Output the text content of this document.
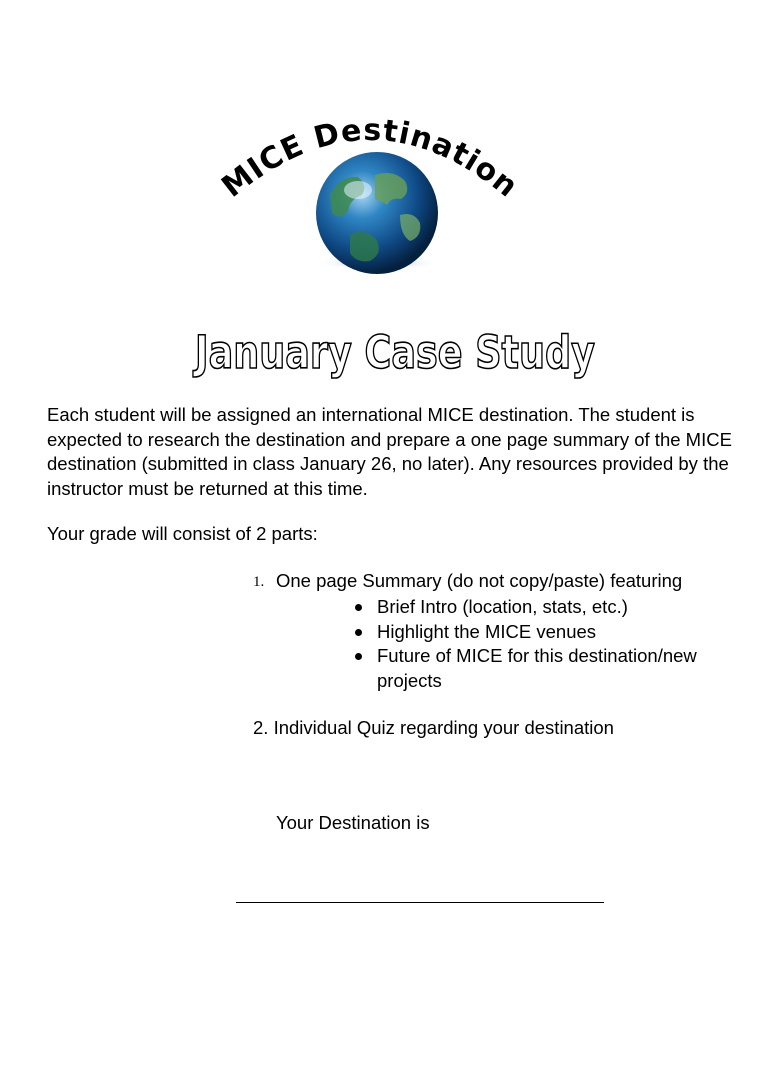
MICE Destination
January Case Study

Each student will be assigned an international MICE destination. The student is expected to research the destination and prepare a one page summary of the MICE destination (submitted in class January 26, no later). Any resources provided by the instructor must be returned at this time.

Your grade will consist of 2 parts:

1. One page Summary (do not copy/paste) featuring
Brief Intro (location, stats, etc.)
Highlight the MICE venues
Future of MICE for this destination/new projects
2. Individual Quiz regarding your destination
Your Destination is
